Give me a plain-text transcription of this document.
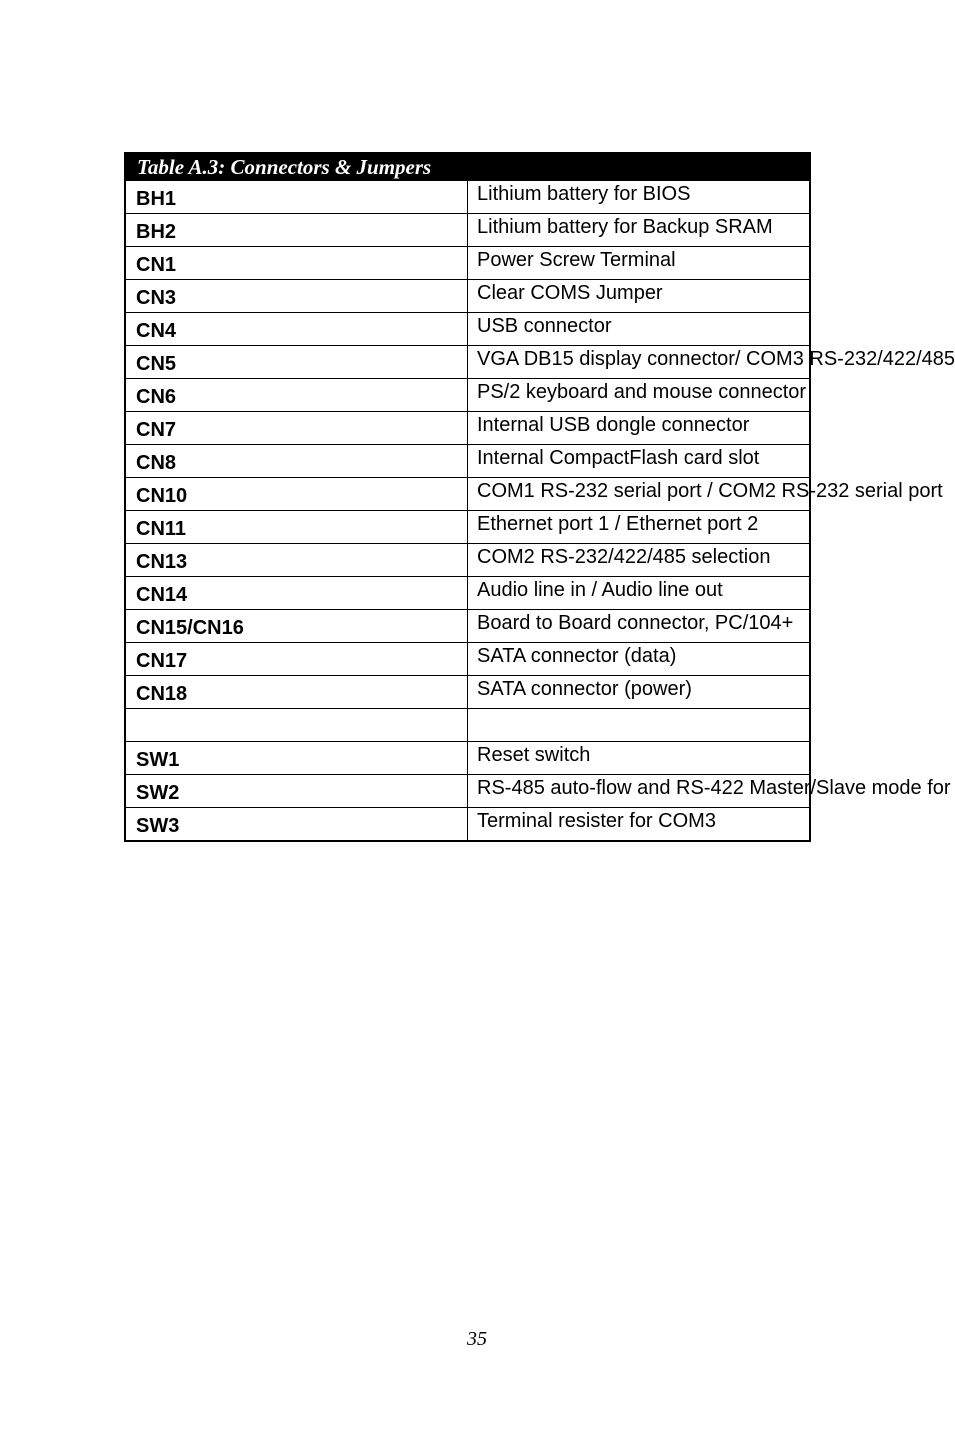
Table A.3: Connectors & Jumpers	
BH1	Lithium battery for BIOS
BH2	Lithium battery for Backup SRAM
CN1	Power Screw Terminal
CN3	Clear COMS Jumper
CN4	USB connector
CN5	VGA DB15 display connector/ COM3 RS-232/422/485
CN6	PS/2 keyboard and mouse connector
CN7	Internal USB dongle connector
CN8	Internal CompactFlash card slot
CN10	COM1 RS-232 serial port / COM2 RS-232 serial port
CN11	Ethernet port 1 / Ethernet port 2
CN13	COM2 RS-232/422/485 selection
CN14	Audio line in / Audio line out
CN15/CN16	Board to Board connector, PC/104+
CN17	SATA connector (data)
CN18	SATA connector (power)

SW1	Reset switch
SW2	RS-485 auto-flow and RS-422 Master/Slave mode for
SW3	Terminal resister for COM3
35
